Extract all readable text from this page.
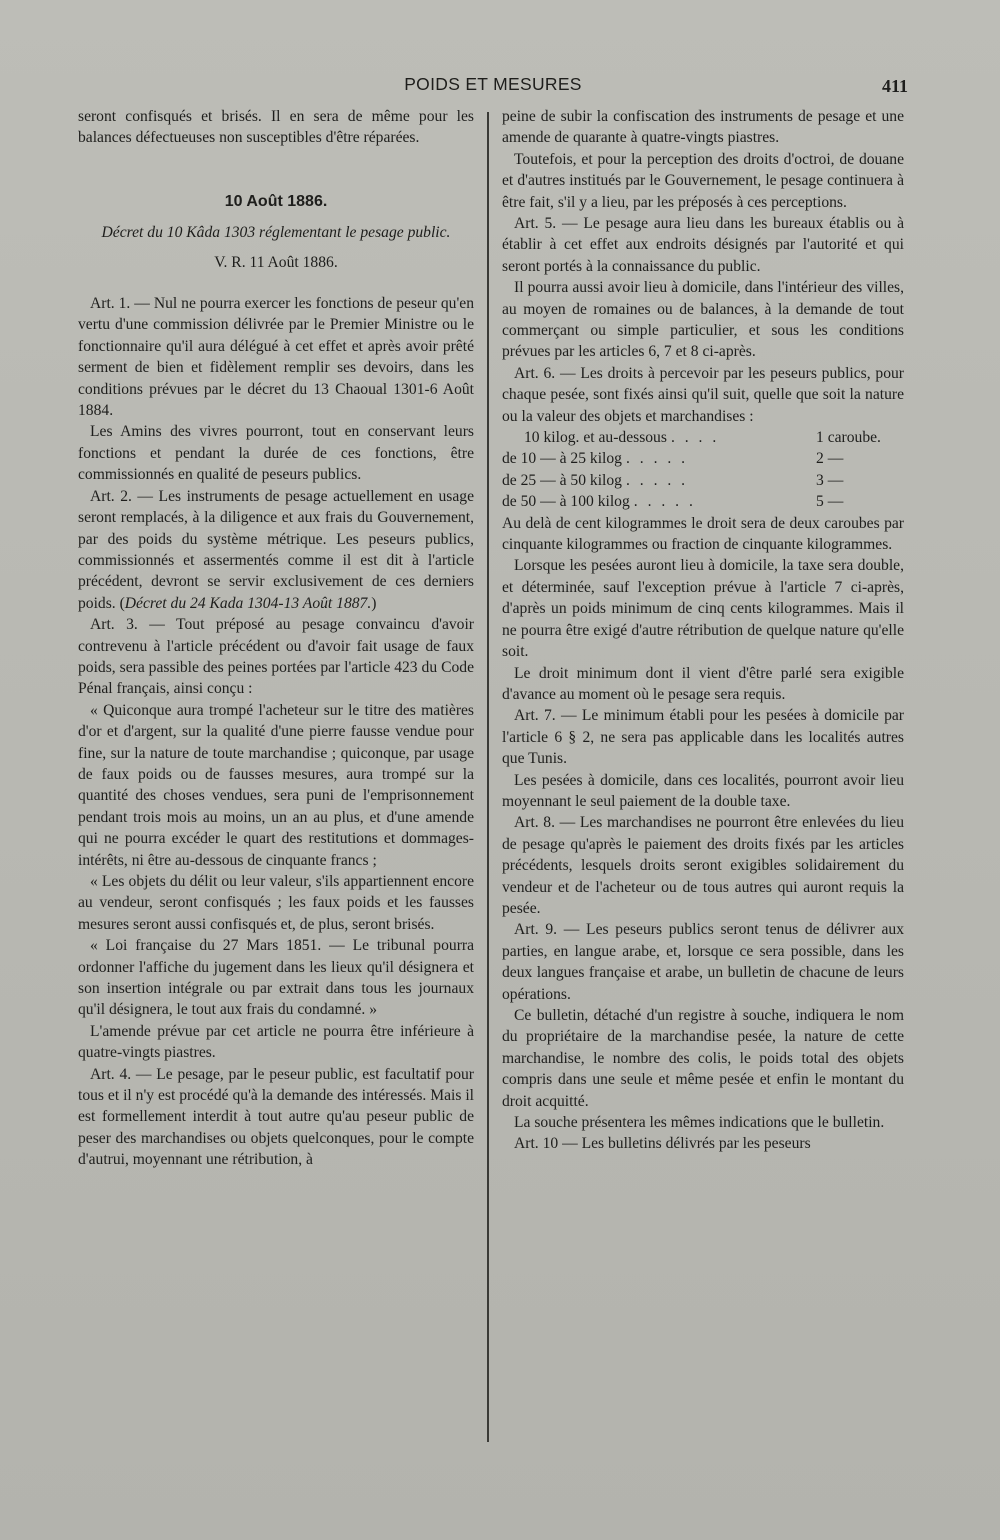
POIDS ET MESURES	411

seront confisqués et brisés. Il en sera de même pour les balances défectueuses non susceptibles d'être réparées.

10 Août 1886.

Décret du 10 Kâda 1303 réglementant le pesage public.

V. R. 11 Août 1886.

Art. 1. — Nul ne pourra exercer les fonctions de peseur qu'en vertu d'une commission délivrée par le Premier Ministre ou le fonctionnaire qu'il aura délégué à cet effet et après avoir prêté serment de bien et fidèlement remplir ses devoirs, dans les conditions prévues par le décret du 13 Chaoual 1301-6 Août 1884.

Les Amins des vivres pourront, tout en conservant leurs fonctions et pendant la durée de ces fonctions, être commissionnés en qualité de peseurs publics.

Art. 2. — Les instruments de pesage actuellement en usage seront remplacés, à la diligence et aux frais du Gouvernement, par des poids du système métrique. Les peseurs publics, commissionnés et assermentés comme il est dit à l'article précédent, devront se servir exclusivement de ces derniers poids. (Décret du 24 Kada 1304-13 Août 1887.)

Art. 3. — Tout préposé au pesage convaincu d'avoir contrevenu à l'article précédent ou d'avoir fait usage de faux poids, sera passible des peines portées par l'article 423 du Code Pénal français, ainsi conçu :

« Quiconque aura trompé l'acheteur sur le titre des matières d'or et d'argent, sur la qualité d'une pierre fausse vendue pour fine, sur la nature de toute marchandise ; quiconque, par usage de faux poids ou de fausses mesures, aura trompé sur la quantité des choses vendues, sera puni de l'emprisonnement pendant trois mois au moins, un an au plus, et d'une amende qui ne pourra excéder le quart des restitutions et dommages-intérêts, ni être au-dessous de cinquante francs ;

« Les objets du délit ou leur valeur, s'ils appartiennent encore au vendeur, seront confisqués ; les faux poids et les fausses mesures seront aussi confisqués et, de plus, seront brisés.

« Loi française du 27 Mars 1851. — Le tribunal pourra ordonner l'affiche du jugement dans les lieux qu'il désignera et son insertion intégrale ou par extrait dans tous les journaux qu'il désignera, le tout aux frais du condamné. »

L'amende prévue par cet article ne pourra être inférieure à quatre-vingts piastres.

Art. 4. — Le pesage, par le peseur public, est facultatif pour tous et il n'y est procédé qu'à la demande des intéressés. Mais il est formellement interdit à tout autre qu'au peseur public de peser des marchandises ou objets quelconques, pour le compte d'autrui, moyennant une rétribution, à

peine de subir la confiscation des instruments de pesage et une amende de quarante à quatre-vingts piastres.

Toutefois, et pour la perception des droits d'octroi, de douane et d'autres institués par le Gouvernement, le pesage continuera à être fait, s'il y a lieu, par les préposés à ces perceptions.

Art. 5. — Le pesage aura lieu dans les bureaux établis ou à établir à cet effet aux endroits désignés par l'autorité et qui seront portés à la connaissance du public.

Il pourra aussi avoir lieu à domicile, dans l'intérieur des villes, au moyen de romaines ou de balances, à la demande de tout commerçant ou simple particulier, et sous les conditions prévues par les articles 6, 7 et 8 ci-après.

Art. 6. — Les droits à percevoir par les peseurs publics, pour chaque pesée, sont fixés ainsi qu'il suit, quelle que soit la nature ou la valeur des objets et marchandises :

10 kilog. et au-dessous . . . .	1 caroube.
de 10 — à 25 kilog . . . . .	2 —
de 25 — à 50 kilog . . . . .	3 —
de 50 — à 100 kilog . . . . .	5 —

Au delà de cent kilogrammes le droit sera de deux caroubes par cinquante kilogrammes ou fraction de cinquante kilogrammes.

Lorsque les pesées auront lieu à domicile, la taxe sera double, et déterminée, sauf l'exception prévue à l'article 7 ci-après, d'après un poids minimum de cinq cents kilogrammes. Mais il ne pourra être exigé d'autre rétribution de quelque nature qu'elle soit.

Le droit minimum dont il vient d'être parlé sera exigible d'avance au moment où le pesage sera requis.

Art. 7. — Le minimum établi pour les pesées à domicile par l'article 6 § 2, ne sera pas applicable dans les localités autres que Tunis.

Les pesées à domicile, dans ces localités, pourront avoir lieu moyennant le seul paiement de la double taxe.

Art. 8. — Les marchandises ne pourront être enlevées du lieu de pesage qu'après le paiement des droits fixés par les articles précédents, lesquels droits seront exigibles solidairement du vendeur et de l'acheteur ou de tous autres qui auront requis la pesée.

Art. 9. — Les peseurs publics seront tenus de délivrer aux parties, en langue arabe, et, lorsque ce sera possible, dans les deux langues française et arabe, un bulletin de chacune de leurs opérations.

Ce bulletin, détaché d'un registre à souche, indiquera le nom du propriétaire de la marchandise pesée, la nature de cette marchandise, le nombre des colis, le poids total des objets compris dans une seule et même pesée et enfin le montant du droit acquitté.

La souche présentera les mêmes indications que le bulletin.

Art. 10 — Les bulletins délivrés par les peseurs
